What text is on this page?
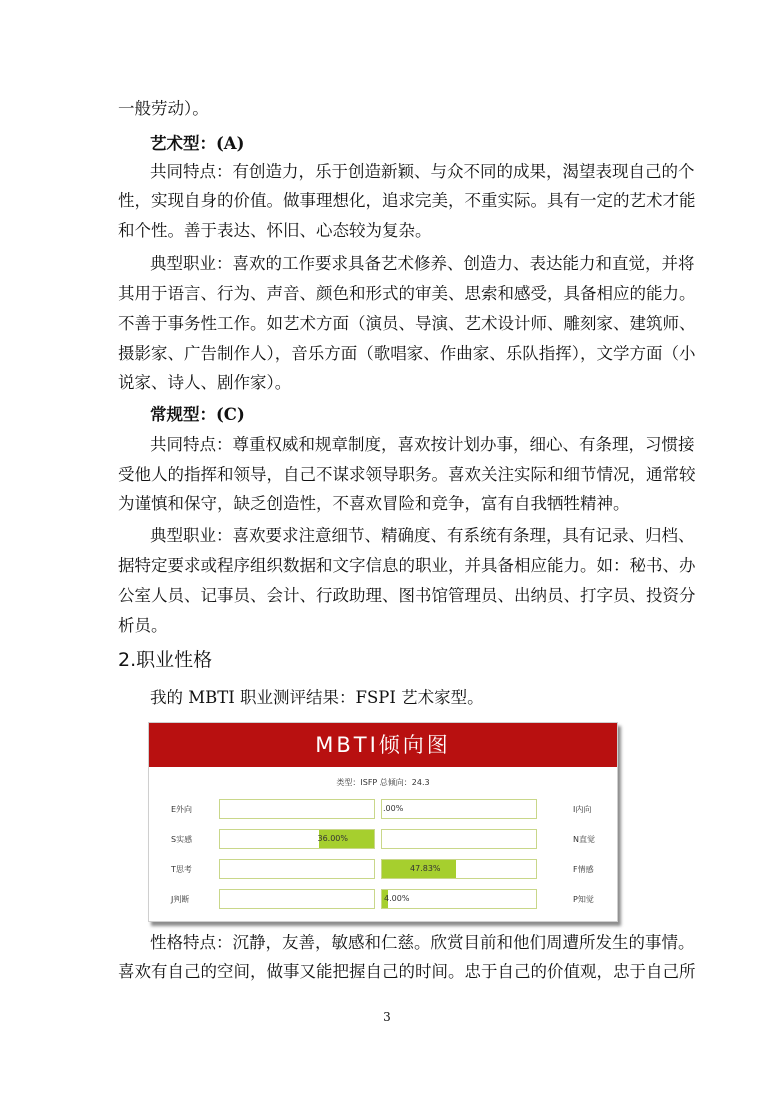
一般劳动）。
艺术型：(A)
共同特点：有创造力，乐于创造新颖、与众不同的成果，渴望表现自己的个
性，实现自身的价值。做事理想化，追求完美，不重实际。具有一定的艺术才能
和个性。善于表达、怀旧、心态较为复杂。
典型职业：喜欢的工作要求具备艺术修养、创造力、表达能力和直觉，并将
其用于语言、行为、声音、颜色和形式的审美、思索和感受，具备相应的能力。
不善于事务性工作。如艺术方面（演员、导演、艺术设计师、雕刻家、建筑师、
摄影家、广告制作人），音乐方面（歌唱家、作曲家、乐队指挥），文学方面（小
说家、诗人、剧作家）。
常规型：(C)
共同特点：尊重权威和规章制度，喜欢按计划办事，细心、有条理，习惯接
受他人的指挥和领导，自己不谋求领导职务。喜欢关注实际和细节情况，通常较
为谨慎和保守，缺乏创造性，不喜欢冒险和竞争，富有自我牺牲精神。
典型职业：喜欢要求注意细节、精确度、有系统有条理，具有记录、归档、
据特定要求或程序组织数据和文字信息的职业，并具备相应能力。如：秘书、办
公室人员、记事员、会计、行政助理、图书馆管理员、出纳员、打字员、投资分
析员。
2.职业性格
我的 MBTI 职业测评结果：FSPI 艺术家型。
MBTI倾向图
类型：ISFP 总倾向：24.3
E外向	I内向
.00%
S实感	N直觉
36.00%
T思考	F情感
47.83%
J判断	P知觉
4.00%
性格特点：沉静，友善，敏感和仁慈。欣赏目前和他们周遭所发生的事情。
喜欢有自己的空间，做事又能把握自己的时间。忠于自己的价值观，忠于自己所
3
